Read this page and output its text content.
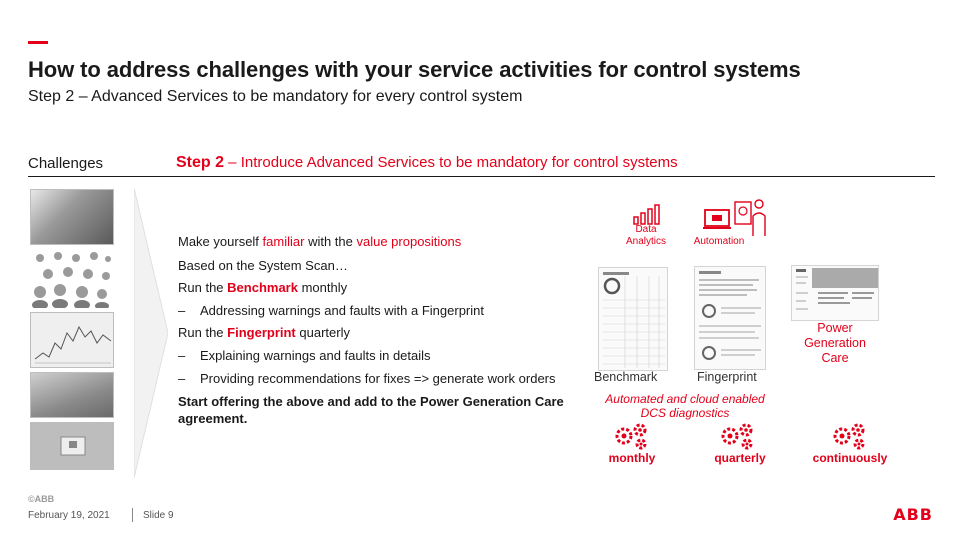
How to address challenges with your service activities for control systems
Step 2 – Advanced Services to be mandatory for every control system
Challenges	Step 2 – Introduce Advanced Services to be mandatory for control systems
Make yourself familiar with the value propositions
Based on the System Scan…
Run the Benchmark monthly
– Addressing warnings and faults with a Fingerprint
Run the Fingerprint quarterly
– Explaining warnings and faults in details
– Providing recommendations for fixes => generate work orders
Start offering the above and add to the Power Generation Care
agreement.
Data
Analytics	Automation
Benchmark	Fingerprint
Power
Generation
Care
Automated and cloud enabled
DCS diagnostics
monthly	quarterly	continuously
©ABB
February 19, 2021	Slide 9	ABB
